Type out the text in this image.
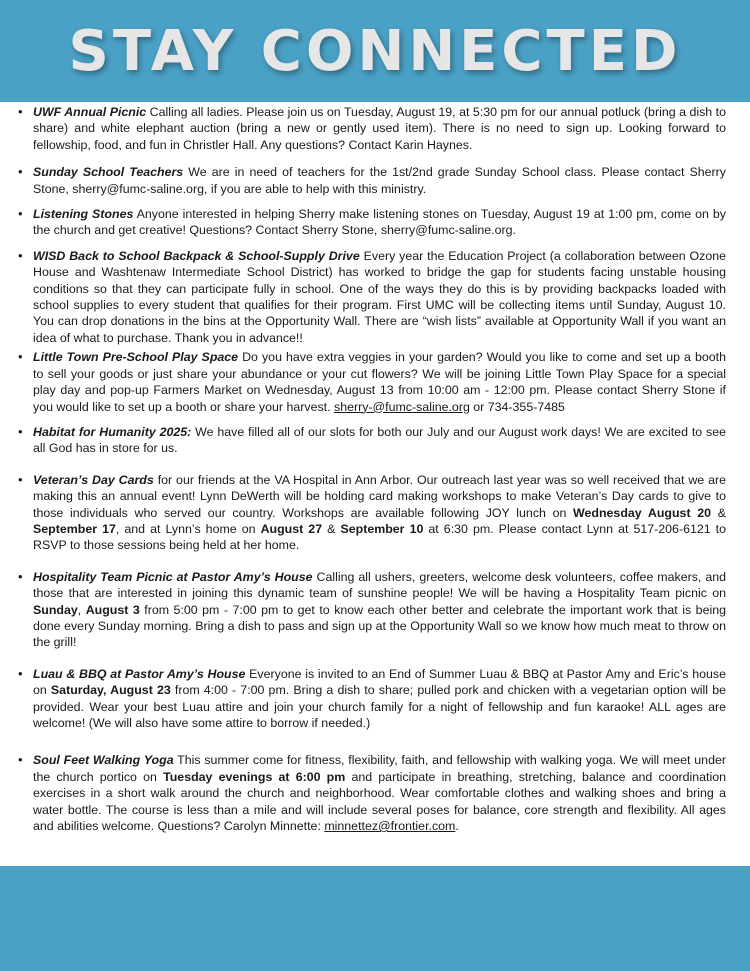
STAY CONNECTED
• UWF Annual Picnic Calling all ladies. Please join us on Tuesday, August 19, at 5:30 pm for our annual potluck (bring a dish to share) and white elephant auction (bring a new or gently used item). There is no need to sign up. Looking forward to fellowship, food, and fun in Christler Hall. Any questions? Contact Karin Haynes.
• Sunday School Teachers We are in need of teachers for the 1st/2nd grade Sunday School class. Please contact Sherry Stone, sherry@fumc-saline.org, if you are able to help with this ministry.
• Listening Stones Anyone interested in helping Sherry make listening stones on Tuesday, August 19 at 1:00 pm, come on by the church and get creative! Questions? Contact Sherry Stone, sherry@fumc-saline.org.
• WISD Back to School Backpack & School-Supply Drive Every year the Education Project (a collaboration between Ozone House and Washtenaw Intermediate School District) has worked to bridge the gap for students facing unstable housing conditions so that they can participate fully in school. One of the ways they do this is by providing backpacks loaded with school supplies to every student that qualifies for their program. First UMC will be collecting items until Sunday, August 10. You can drop donations in the bins at the Opportunity Wall. There are “wish lists” available at Opportunity Wall if you want an idea of what to purchase. Thank you in advance!!
• Little Town Pre-School Play Space Do you have extra veggies in your garden? Would you like to come and set up a booth to sell your goods or just share your abundance or your cut flowers? We will be joining Little Town Play Space for a special play day and pop-up Farmers Market on Wednesday, August 13 from 10:00 am - 12:00 pm. Please contact Sherry Stone if you would like to set up a booth or share your harvest. sherry-@fumc-saline.org or 734-355-7485
• Habitat for Humanity 2025: We have filled all of our slots for both our July and our August work days! We are excited to see all God has in store for us.
• Veteran’s Day Cards for our friends at the VA Hospital in Ann Arbor. Our outreach last year was so well received that we are making this an annual event! Lynn DeWerth will be holding card making workshops to make Veteran’s Day cards to give to those individuals who served our country. Workshops are available following JOY lunch on Wednesday August 20 & September 17, and at Lynn’s home on August 27 & September 10 at 6:30 pm. Please contact Lynn at 517-206-6121 to RSVP to those sessions being held at her home.
• Hospitality Team Picnic at Pastor Amy’s House Calling all ushers, greeters, welcome desk volunteers, coffee makers, and those that are interested in joining this dynamic team of sunshine people! We will be having a Hospitality Team picnic on Sunday, August 3 from 5:00 pm - 7:00 pm to get to know each other better and celebrate the important work that is being done every Sunday morning. Bring a dish to pass and sign up at the Opportunity Wall so we know how much meat to throw on the grill!
• Luau & BBQ at Pastor Amy’s House Everyone is invited to an End of Summer Luau & BBQ at Pastor Amy and Eric’s house on Saturday, August 23 from 4:00 - 7:00 pm. Bring a dish to share; pulled pork and chicken with a vegetarian option will be provided. Wear your best Luau attire and join your church family for a night of fellowship and fun karaoke! ALL ages are welcome! (We will also have some attire to borrow if needed.)
• Soul Feet Walking Yoga This summer come for fitness, flexibility, faith, and fellowship with walking yoga. We will meet under the church portico on Tuesday evenings at 6:00 pm and participate in breathing, stretching, balance and coordination exercises in a short walk around the church and neighborhood. Wear comfortable clothes and walking shoes and bring a water bottle. The course is less than a mile and will include several poses for balance, core strength and flexibility. All ages and abilities welcome. Questions? Carolyn Minnette: minnettez@frontier.com.
